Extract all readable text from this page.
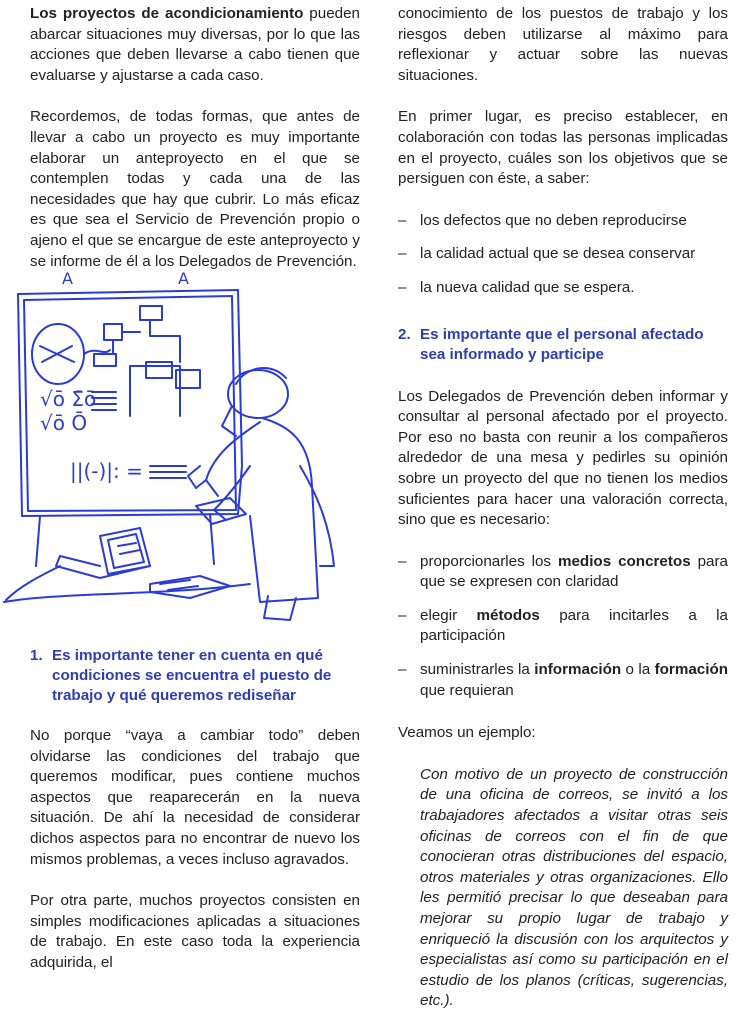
Los proyectos de acondicionamiento pueden abarcar situaciones muy diversas, por lo que las acciones que deben llevarse a cabo tienen que evaluarse y ajustarse a cada caso.

Recordemos, de todas formas, que antes de llevar a cabo un proyecto es muy importante elaborar un anteproyecto en el que se contemplen todas y cada una de las necesidades que hay que cubrir. Lo más eficaz es que sea el Servicio de Prevención propio o ajeno el que se encargue de este anteproyecto y se informe de él a los Delegados de Prevención.

A	A
√ō Σ̄ō
√ō Ō
||(-)|: = —
1. Es importante tener en cuenta en qué condiciones se encuentra el puesto de trabajo y qué queremos rediseñar

No porque “vaya a cambiar todo” deben olvidarse las condiciones del trabajo que queremos modificar, pues contiene muchos aspectos que reaparecerán en la nueva situación. De ahí la necesidad de considerar dichos aspectos para no encontrar de nuevo los mismos problemas, a veces incluso agravados.

Por otra parte, muchos proyectos consisten en simples modificaciones aplicadas a situaciones de trabajo. En este caso toda la experiencia adquirida, el

conocimiento de los puestos de trabajo y los riesgos deben utilizarse al máximo para reflexionar y actuar sobre las nuevas situaciones.

En primer lugar, es preciso establecer, en colaboración con todas las personas implicadas en el proyecto, cuáles son los objetivos que se persiguen con éste, a saber:

– los defectos que no deben reproducirse
– la calidad actual que se desea conservar
– la nueva calidad que se espera.
2. Es importante que el personal afectado sea informado y participe

Los Delegados de Prevención deben informar y consultar al personal afectado por el proyecto. Por eso no basta con reunir a los compañeros alrededor de una mesa y pedirles su opinión sobre un proyecto del que no tienen los medios suficientes para hacer una valoración correcta, sino que es necesario:

– proporcionarles los medios concretos para que se expresen con claridad
– elegir métodos para incitarles a la participación
– suministrarles la información o la formación que requieran

Veamos un ejemplo:

Con motivo de un proyecto de construcción de una oficina de correos, se invitó a los trabajadores afectados a visitar otras seis oficinas de correos con el fin de que conocieran otras distribuciones del espacio, otros materiales y otras organizaciones. Ello les permitió precisar lo que deseaban para mejorar su propio lugar de trabajo y enriqueció la discusión con los arquitectos y especialistas así como su participación en el estudio de los planos (críticas, sugerencias, etc.).
